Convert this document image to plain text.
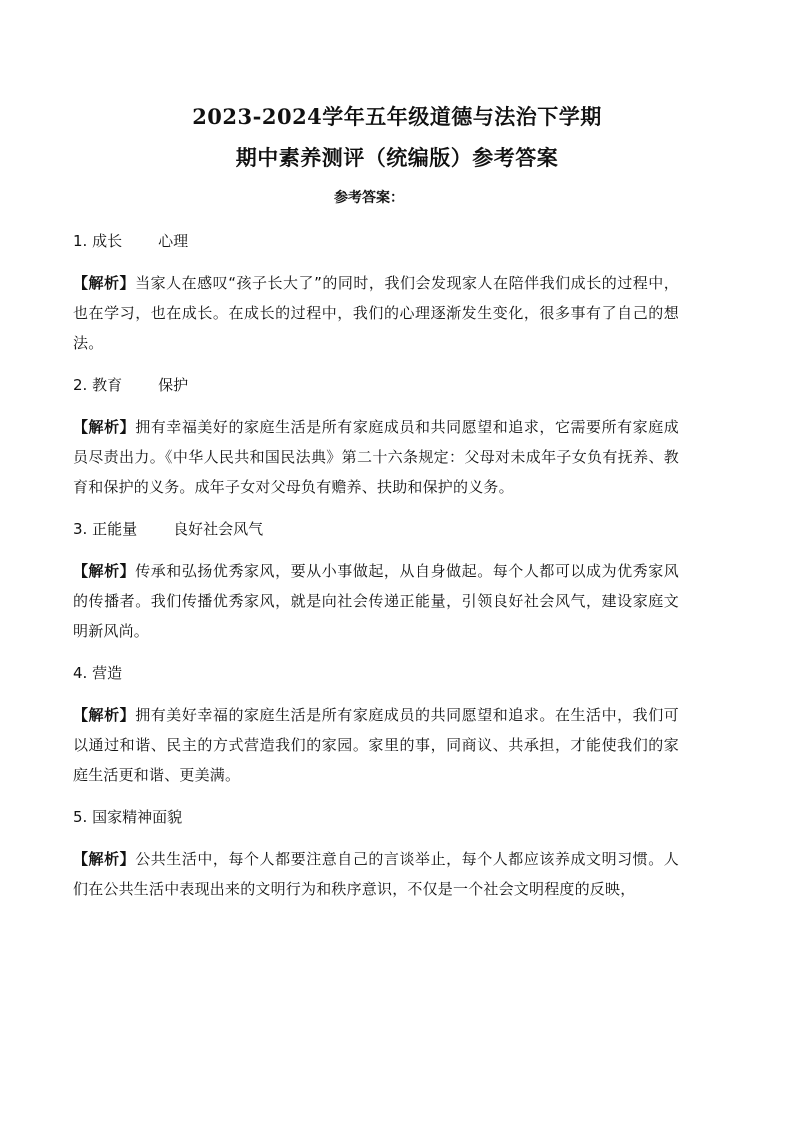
2023-2024学年五年级道德与法治下学期
期中素养测评（统编版）参考答案

参考答案：

1. 成长 心理

【解析】当家人在感叹“孩子长大了”的同时，我们会发现家人在陪伴我们成长的过程中，也在学习，也在成长。在成长的过程中，我们的心理逐渐发生变化，很多事有了自己的想法。

2. 教育 保护

【解析】拥有幸福美好的家庭生活是所有家庭成员和共同愿望和追求，它需要所有家庭成员尽责出力。《中华人民共和国民法典》第二十六条规定：父母对未成年子女负有抚养、教育和保护的义务。成年子女对父母负有赡养、扶助和保护的义务。

3. 正能量 良好社会风气

【解析】传承和弘扬优秀家风，要从小事做起，从自身做起。每个人都可以成为优秀家风的传播者。我们传播优秀家风，就是向社会传递正能量，引领良好社会风气，建设家庭文明新风尚。

4. 营造

【解析】拥有美好幸福的家庭生活是所有家庭成员的共同愿望和追求。在生活中，我们可以通过和谐、民主的方式营造我们的家园。家里的事，同商议、共承担，才能使我们的家庭生活更和谐、更美满。

5. 国家精神面貌

【解析】公共生活中，每个人都要注意自己的言谈举止，每个人都应该养成文明习惯。人们在公共生活中表现出来的文明行为和秩序意识，不仅是一个社会文明程度的反映，
